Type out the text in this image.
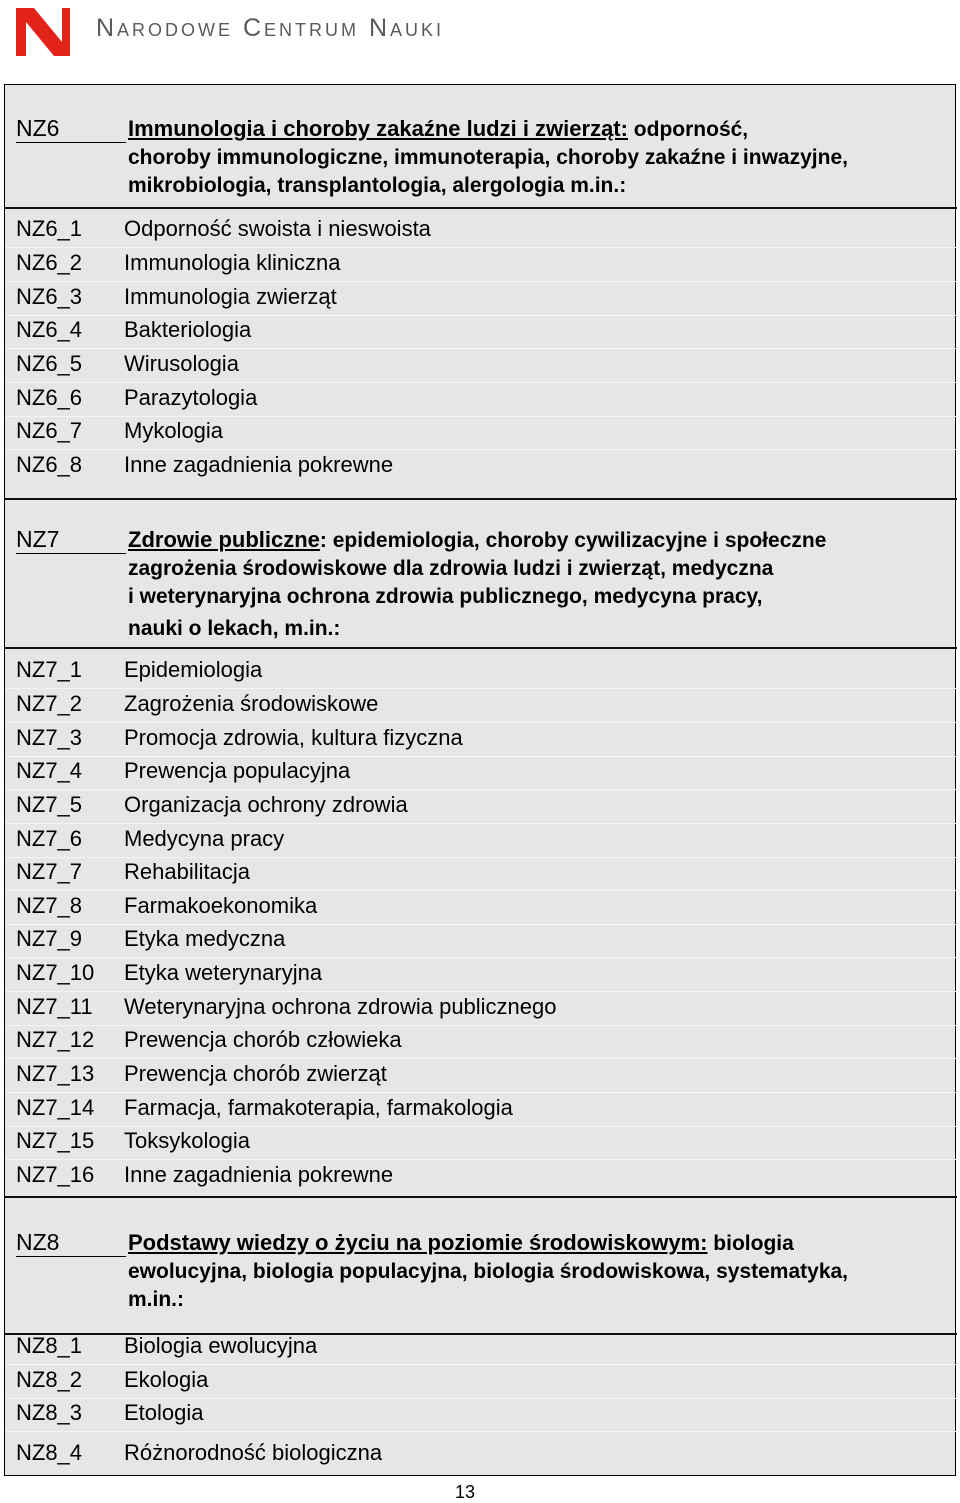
Narodowe Centrum Nauki
NZ6	Immunologia i choroby zakaźne ludzi i zwierząt: odporność,
choroby immunologiczne, immunoterapia, choroby zakaźne i inwazyjne,
mikrobiologia, transplantologia, alergologia m.in.:
NZ6_1 Odporność swoista i nieswoista
NZ6_2 Immunologia kliniczna
NZ6_3 Immunologia zwierząt
NZ6_4 Bakteriologia
NZ6_5 Wirusologia
NZ6_6 Parazytologia
NZ6_7 Mykologia
NZ6_8 Inne zagadnienia pokrewne
NZ7	Zdrowie publiczne: epidemiologia, choroby cywilizacyjne i społeczne
zagrożenia środowiskowe dla zdrowia ludzi i zwierząt, medyczna
i weterynaryjna ochrona zdrowia publicznego, medycyna pracy,
nauki o lekach, m.in.:
NZ7_1 Epidemiologia
NZ7_2 Zagrożenia środowiskowe
NZ7_3 Promocja zdrowia, kultura fizyczna
NZ7_4 Prewencja populacyjna
NZ7_5 Organizacja ochrony zdrowia
NZ7_6 Medycyna pracy
NZ7_7 Rehabilitacja
NZ7_8 Farmakoekonomika
NZ7_9 Etyka medyczna
NZ7_10 Etyka weterynaryjna
NZ7_11 Weterynaryjna ochrona zdrowia publicznego
NZ7_12 Prewencja chorób człowieka
NZ7_13 Prewencja chorób zwierząt
NZ7_14 Farmacja, farmakoterapia, farmakologia
NZ7_15 Toksykologia
NZ7_16 Inne zagadnienia pokrewne
NZ8	Podstawy wiedzy o życiu na poziomie środowiskowym: biologia
ewolucyjna, biologia populacyjna, biologia środowiskowa, systematyka,
m.in.:
NZ8_1 Biologia ewolucyjna
NZ8_2 Ekologia
NZ8_3 Etologia
NZ8_4 Różnorodność biologiczna
13
